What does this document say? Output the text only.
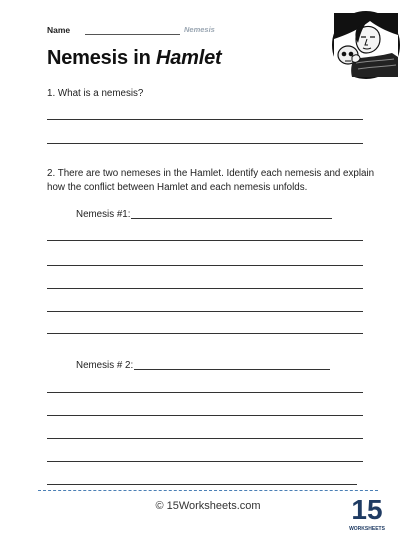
Name	Nemesis
Nemesis in Hamlet
1. What is a nemesis?
2. There are two nemeses in the Hamlet. Identify each nemesis and explain how the conflict between Hamlet and each nemesis unfolds.
Nemesis #1:
Nemesis # 2:
© 15Worksheets.com	15
WORKSHEETS
